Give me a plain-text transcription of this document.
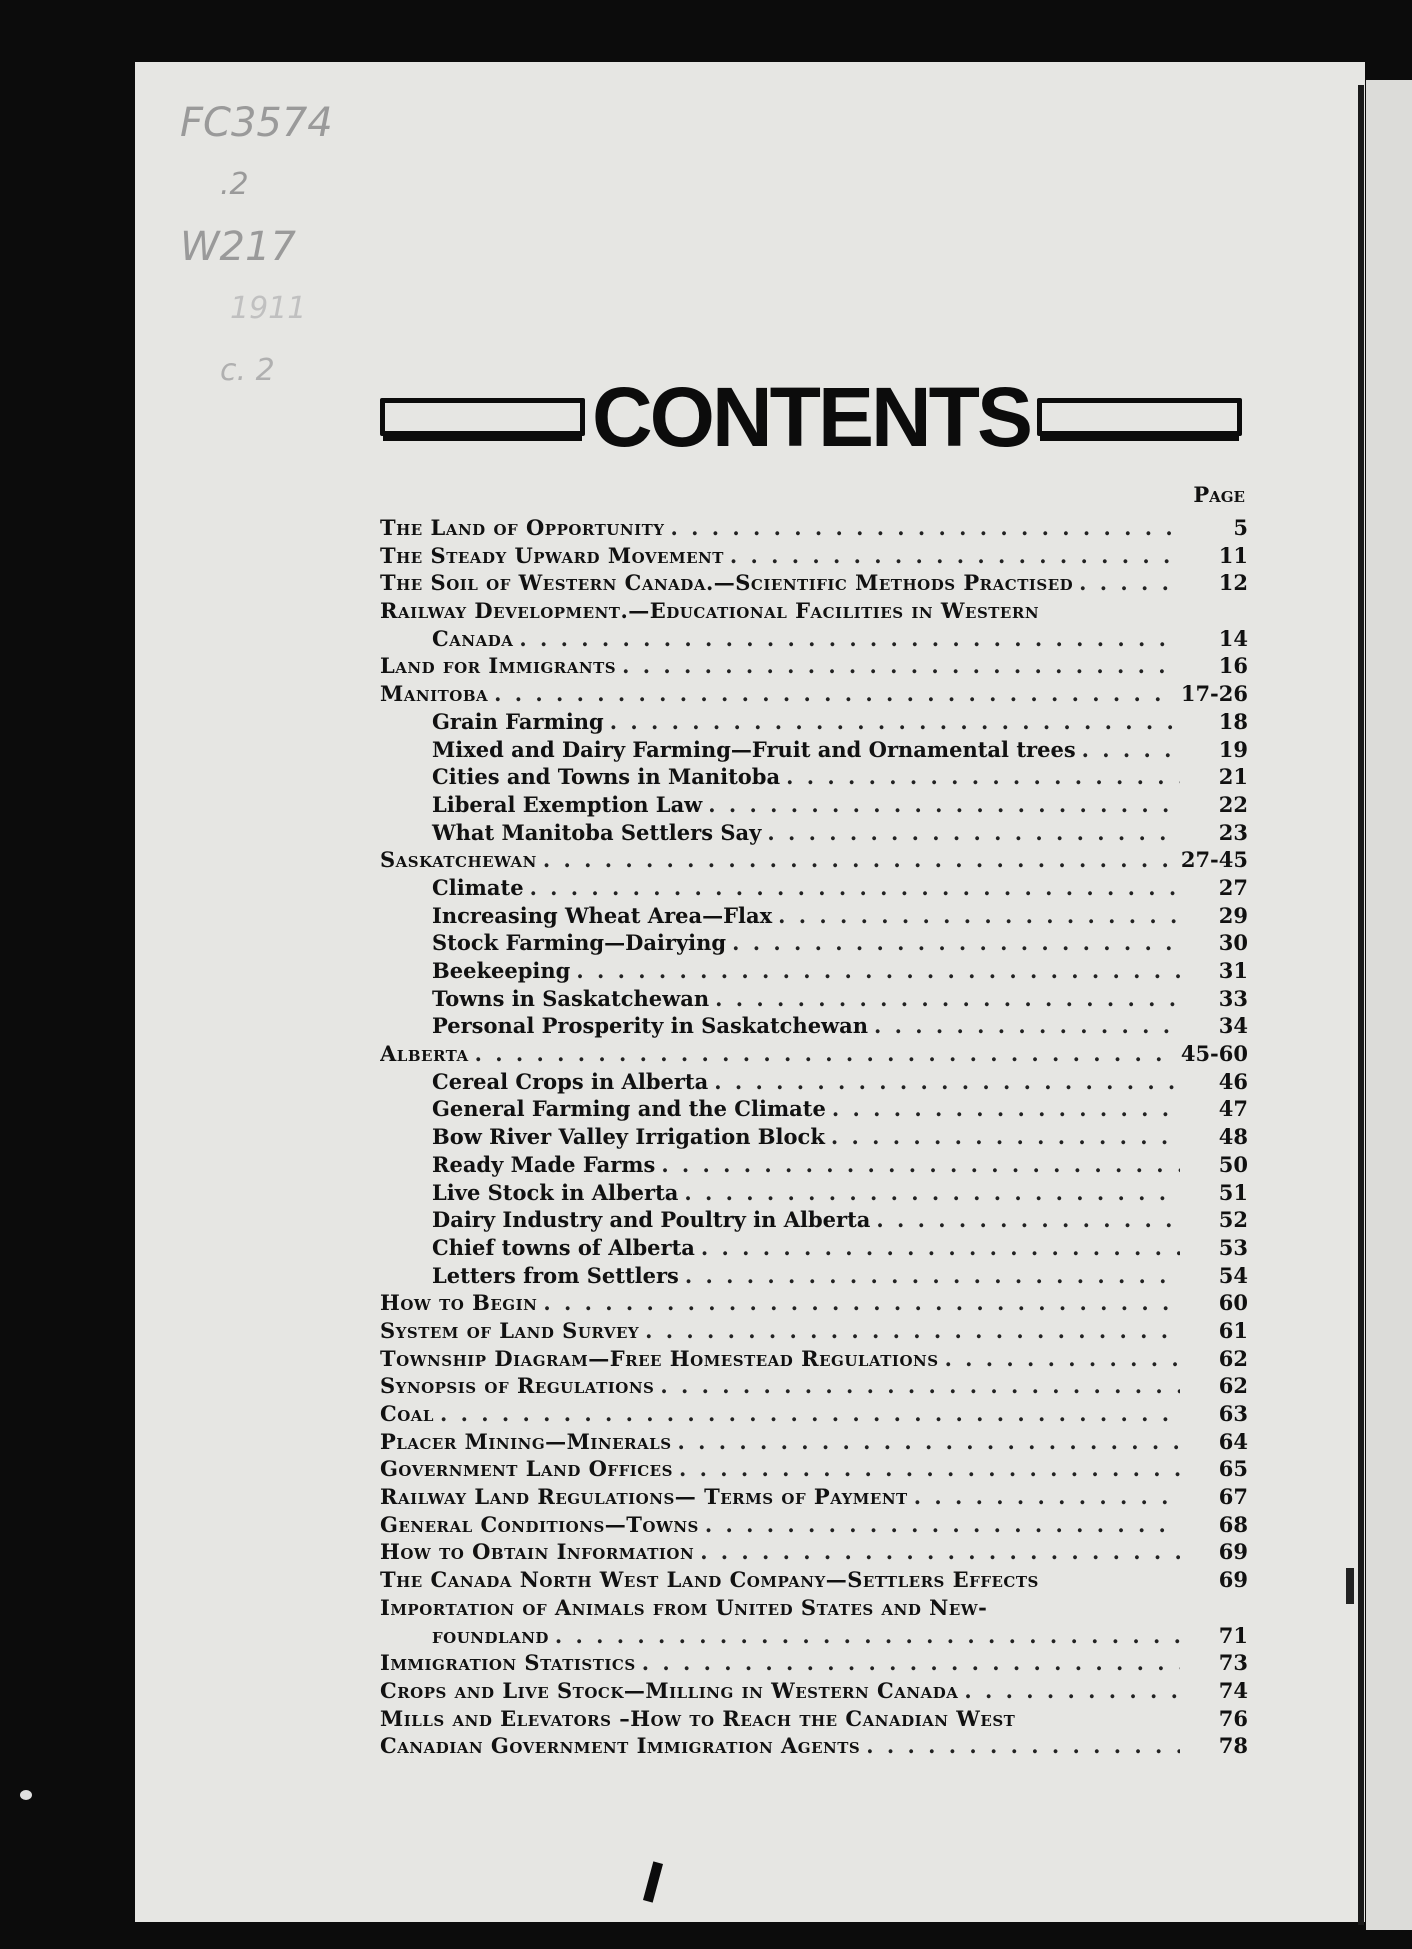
FC3574
.2
W217
1911
c. 2	CONTENTS
Page
The Land of Opportunity . . .	5
The Steady Upward Movement . . .	11
The Soil of Western Canada.—Scientific Methods Practised . . .	12
Railway Development.—Educational Facilities in Western
Canada . . .	14
Land for Immigrants . . .	16
Manitoba . . .	17-26
Grain Farming . . .	18
Mixed and Dairy Farming—Fruit and Ornamental trees . . .	19
Cities and Towns in Manitoba . . .	21
Liberal Exemption Law . . .	22
What Manitoba Settlers Say . . .	23
Saskatchewan . . .	27-45
Climate . . .	27
Increasing Wheat Area—Flax . . .	29
Stock Farming—Dairying . . .	30
Beekeeping . . .	31
Towns in Saskatchewan . . .	33
Personal Prosperity in Saskatchewan . . .	34
Alberta . . .	45-60
Cereal Crops in Alberta . . .	46
General Farming and the Climate . . .	47
Bow River Valley Irrigation Block . . .	48
Ready Made Farms . . .	50
Live Stock in Alberta . . .	51
Dairy Industry and Poultry in Alberta . . .	52
Chief towns of Alberta . . .	53
Letters from Settlers . . .	54
How to Begin . . .	60
System of Land Survey . . .	61
Township Diagram—Free Homestead Regulations . . .	62
Synopsis of Regulations . . .	62
Coal . . .	63
Placer Mining—Minerals . . .	64
Government Land Offices . . .	65
Railway Land Regulations— Terms of Payment . . .	67
General Conditions—Towns . . .	68
How to Obtain Information . . .	69
The Canada North West Land Company—Settlers Effects	69
Importation of Animals from United States and New-
foundland . . .	71
Immigration Statistics . . .	73
Crops and Live Stock—Milling in Western Canada . . .	74
Mills and Elevators –How to Reach the Canadian West	76
Canadian Government Immigration Agents . . .	78
